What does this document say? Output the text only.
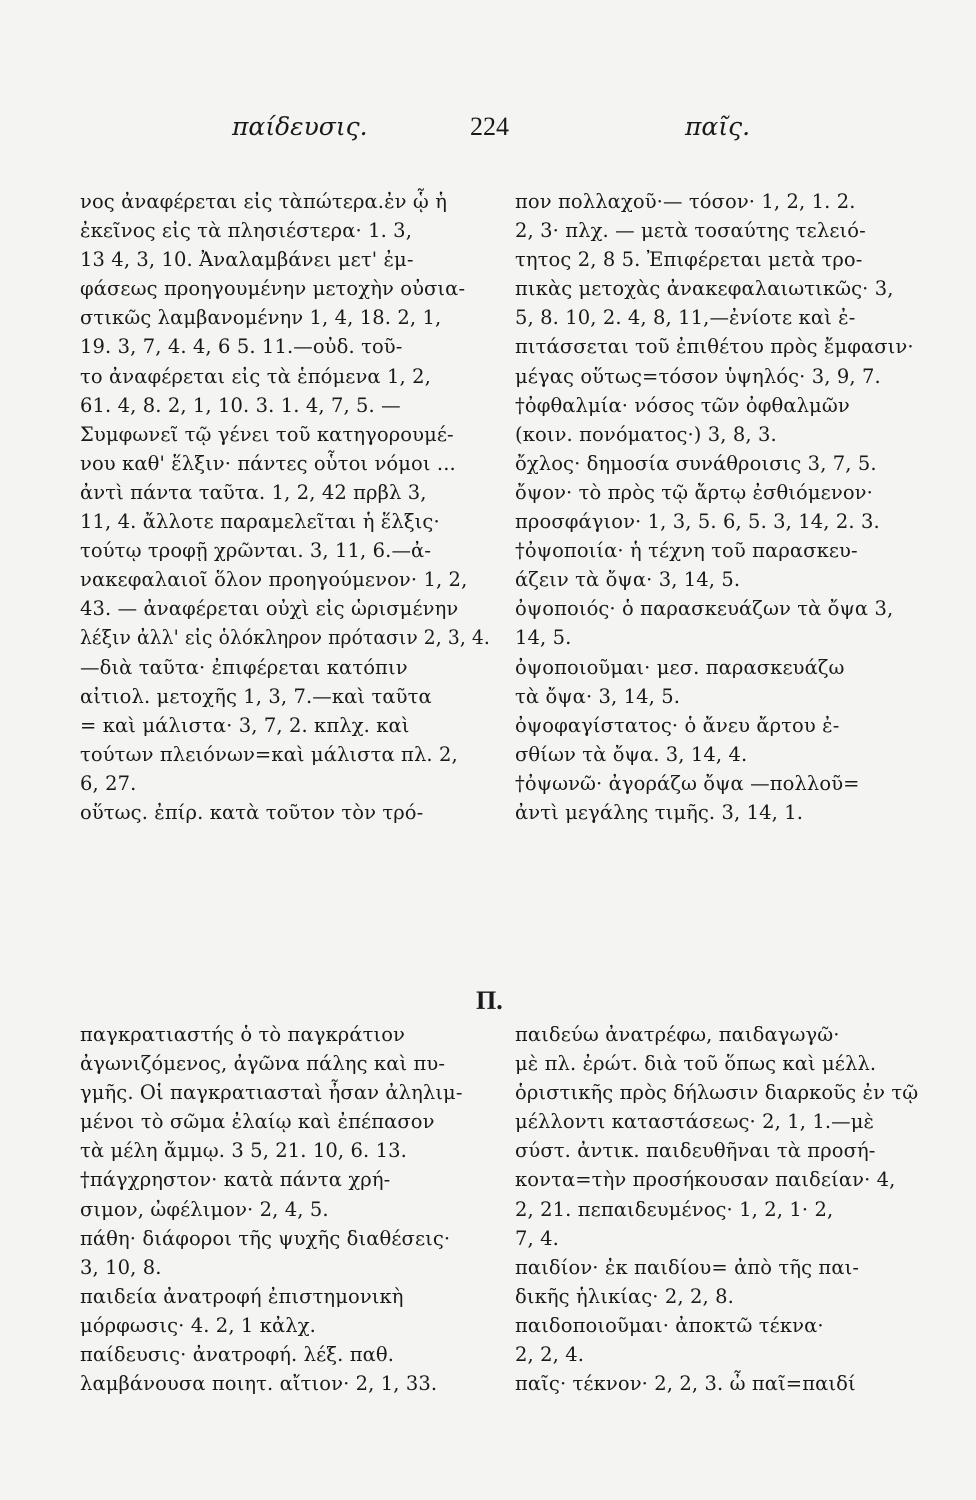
παίδευσις.	224	παῖς.
νος ἀναφέρεται εἰς τὰπώτερα.ἐν ᾧ ἡ
ἐκεῖνος εἰς τὰ πλησιέστερα· 1. 3,
13 4, 3, 10. Ἀναλαμβάνει μετ' ἐμ-
φάσεως προηγουμένην μετοχὴν οὐσια-
στικῶς λαμβανομένην 1, 4, 18. 2, 1,
19. 3, 7, 4. 4, 6 5. 11.—οὐδ. τοῦ-
το ἀναφέρεται εἰς τὰ ἑπόμενα 1, 2,
61. 4, 8. 2, 1, 10. 3. 1. 4, 7, 5. —
Συμφωνεῖ τῷ γένει τοῦ κατηγορουμέ-
νου καθ' ἕλξιν· πάντες οὗτοι νόμοι ...
ἀντὶ πάντα ταῦτα. 1, 2, 42 πρβλ 3,
11, 4. ἄλλοτε παραμελεῖται ἡ ἕλξις·
τούτῳ τροφῇ χρῶνται. 3, 11, 6.—ἀ-
νακεφαλαιοῖ ὅλον προηγούμενον· 1, 2,
43. — ἀναφέρεται οὐχὶ εἰς ὡρισμένην
λέξιν ἀλλ' εἰς ὁλόκληρον πρότασιν 2, 3, 4.
—διὰ ταῦτα· ἐπιφέρεται κατόπιν
αἰτιολ. μετοχῆς 1, 3, 7.—καὶ ταῦτα
= καὶ μάλιστα· 3, 7, 2. κπλχ. καὶ
τούτων πλειόνων=καὶ μάλιστα πλ. 2,
6, 27.
οὕτως. ἐπίρ. κατὰ τοῦτον τὸν τρό-
πον πολλαχοῦ·— τόσον· 1, 2, 1. 2.
2, 3· πλχ. — μετὰ τοσαύτης τελειό-
τητος 2, 8 5. Ἐπιφέρεται μετὰ τρο-
πικὰς μετοχὰς ἀνακεφαλαιωτικῶς· 3,
5, 8. 10, 2. 4, 8, 11,—ἐνίοτε καὶ ἐ-
πιτάσσεται τοῦ ἐπιθέτου πρὸς ἔμφασιν·
μέγας οὕτως=τόσον ὑψηλός· 3, 9, 7.
†ὀφθαλμία· νόσος τῶν ὀφθαλμῶν
(κοιν. πονόματος·) 3, 8, 3.
ὄχλος· δημοσία συνάθροισις 3, 7, 5.
ὄψον· τὸ πρὸς τῷ ἄρτῳ ἐσθιόμενον·
προσφάγιον· 1, 3, 5. 6, 5. 3, 14, 2. 3.
†ὀψοποιία· ἡ τέχνη τοῦ παρασκευ-
άζειν τὰ ὄψα· 3, 14, 5.
ὀψοποιός· ὁ παρασκευάζων τὰ ὄψα 3,
14, 5.
ὀψοποιοῦμαι· μεσ. παρασκευάζω
τὰ ὄψα· 3, 14, 5.
ὀψοφαγίστατος· ὁ ἄνευ ἄρτου ἐ-
σθίων τὰ ὄψα. 3, 14, 4.
†ὀψωνῶ· ἀγοράζω ὄψα —πολλοῦ=
ἀντὶ μεγάλης τιμῆς. 3, 14, 1.
Π.
παγκρατιαστής ὁ τὸ παγκράτιον
ἀγωνιζόμενος, ἀγῶνα πάλης καὶ πυ-
γμῆς. Οἱ παγκρατιασταὶ ἦσαν ἀληλιμ-
μένοι τὸ σῶμα ἐλαίῳ καὶ ἐπέπασον
τὰ μέλη ἄμμῳ. 3 5, 21. 10, 6. 13.
†πάγχρηστον· κατὰ πάντα χρή-
σιμον, ὠφέλιμον· 2, 4, 5.
πάθη· διάφοροι τῆς ψυχῆς διαθέσεις·
3, 10, 8.
παιδεία ἀνατροφή ἐπιστημονικὴ
μόρφωσις· 4. 2, 1 κἀλχ.
παίδευσις· ἀνατροφή. λέξ. παθ.
λαμβάνουσα ποιητ. αἴτιον· 2, 1, 33.
παιδεύω ἀνατρέφω, παιδαγωγῶ·
μὲ πλ. ἐρώτ. διὰ τοῦ ὅπως καὶ μέλλ.
ὁριστικῆς πρὸς δήλωσιν διαρκοῦς ἐν τῷ
μέλλοντι καταστάσεως· 2, 1, 1.—μὲ
σύστ. ἀντικ. παιδευθῆναι τὰ προσή-
κοντα=τὴν προσήκουσαν παιδείαν· 4,
2, 21. πεπαιδευμένος· 1, 2, 1· 2,
7, 4.
παιδίον· ἐκ παιδίου= ἀπὸ τῆς παι-
δικῆς ἡλικίας· 2, 2, 8.
παιδοποιοῦμαι· ἀποκτῶ τέκνα·
2, 2, 4.
παῖς· τέκνον· 2, 2, 3. ὦ παῖ=παιδί
